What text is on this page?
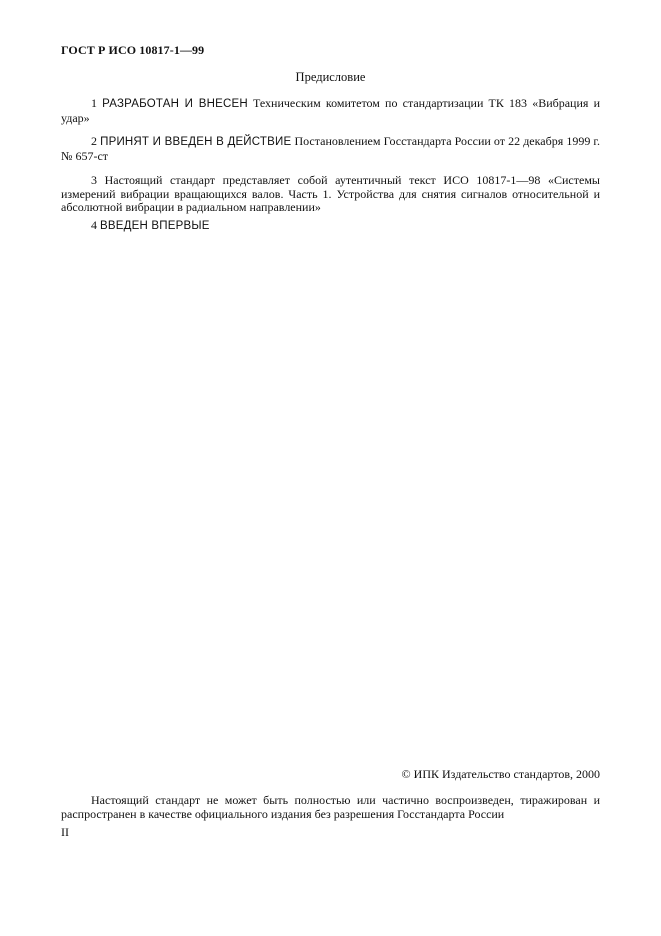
ГОСТ Р ИСО 10817-1—99
Предисловие

1 РАЗРАБОТАН И ВНЕСЕН Техническим комитетом по стандартизации ТК 183 «Вибрация и удар»

2 ПРИНЯТ И ВВЕДЕН В ДЕЙСТВИЕ Постановлением Госстандарта России от 22 декабря 1999 г. № 657-ст

3 Настоящий стандарт представляет собой аутентичный текст ИСО 10817-1—98 «Системы измерений вибрации вращающихся валов. Часть 1. Устройства для снятия сигналов относительной и абсолютной вибрации в радиальном направлении»

4 ВВЕДЕН ВПЕРВЫЕ

© ИПК Издательство стандартов, 2000

Настоящий стандарт не может быть полностью или частично воспроизведен, тиражирован и распространен в качестве официального издания без разрешения Госстандарта России

II
